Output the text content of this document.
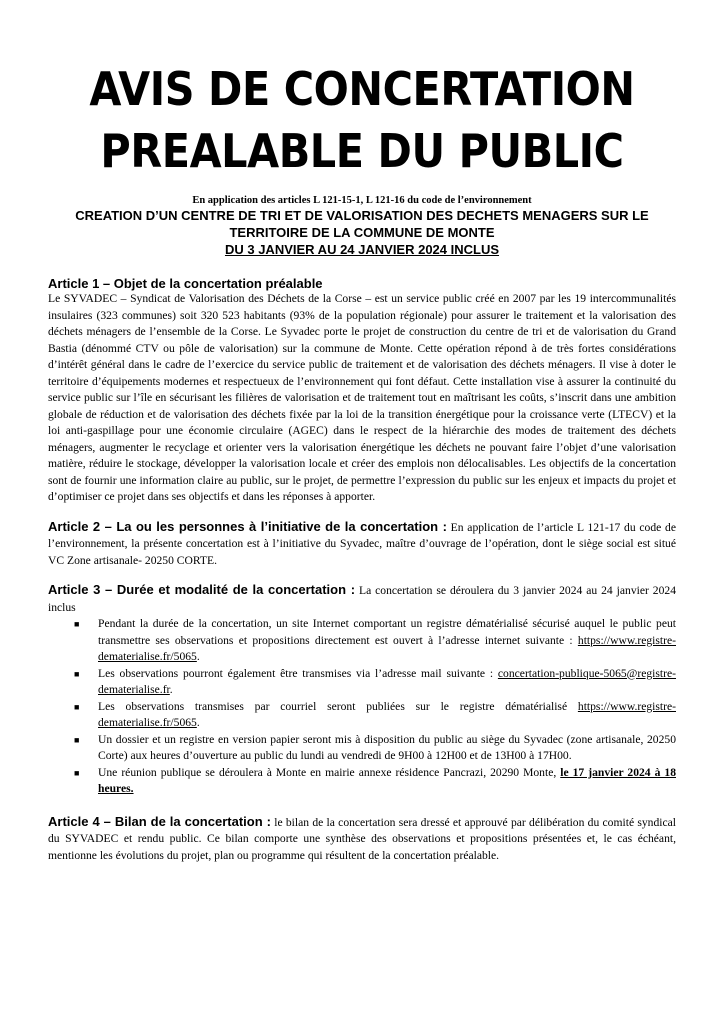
AVIS DE CONCERTATION
PREALABLE DU PUBLIC
En application des articles L 121-15-1, L 121-16 du code de l’environnement
CREATION D’UN CENTRE DE TRI ET DE VALORISATION DES DECHETS MENAGERS SUR LE
TERRITOIRE DE LA COMMUNE DE MONTE
DU 3 JANVIER AU 24 JANVIER 2024 INCLUS
Article 1 – Objet de la concertation préalable

Le SYVADEC – Syndicat de Valorisation des Déchets de la Corse – est un service public créé en 2007 par les 19 intercommunalités insulaires (323 communes) soit 320 523 habitants (93% de la population régionale) pour assurer le traitement et la valorisation des déchets ménagers de l’ensemble de la Corse. Le Syvadec porte le projet de construction du centre de tri et de valorisation du Grand Bastia (dénommé CTV ou pôle de valorisation) sur la commune de Monte. Cette opération répond à de très fortes considérations d’intérêt général dans le cadre de l’exercice du service public de traitement et de valorisation des déchets ménagers. Il vise à doter le territoire d’équipements modernes et respectueux de l’environnement qui font défaut. Cette installation vise à assurer la continuité du service public sur l’île en sécurisant les filières de valorisation et de traitement tout en maîtrisant les coûts, s’inscrit dans une ambition globale de réduction et de valorisation des déchets fixée par la loi de la transition énergétique pour la croissance verte (LTECV) et la loi anti-gaspillage pour une économie circulaire (AGEC) dans le respect de la hiérarchie des modes de traitement des déchets ménagers, augmenter le recyclage et orienter vers la valorisation énergétique les déchets ne pouvant faire l’objet d’une valorisation matière, réduire le stockage, développer la valorisation locale et créer des emplois non délocalisables. Les objectifs de la concertation sont de fournir une information claire au public, sur le projet, de permettre l’expression du public sur les enjeux et impacts du projet et d’optimiser ce projet dans ses objectifs et dans les réponses à apporter.

Article 2 – La ou les personnes à l’initiative de la concertation : En application de l’article L 121-17 du code de l’environnement, la présente concertation est à l’initiative du Syvadec, maître d’ouvrage de l’opération, dont le siège social est situé VC Zone artisanale- 20250 CORTE.

Article 3 – Durée et modalité de la concertation : La concertation se déroulera du 3 janvier 2024 au 24 janvier 2024 inclus

■ Pendant la durée de la concertation, un site Internet comportant un registre dématérialisé sécurisé auquel le public peut transmettre ses observations et propositions directement est ouvert à l’adresse internet suivante : https://www.registre-dematerialise.fr/5065.
■ Les observations pourront également être transmises via l’adresse mail suivante : concertation-publique-5065@registre-dematerialise.fr.
■ Les observations transmises par courriel seront publiées sur le registre dématérialisé https://www.registre-dematerialise.fr/5065.
■ Un dossier et un registre en version papier seront mis à disposition du public au siège du Syvadec (zone artisanale, 20250 Corte) aux heures d’ouverture au public du lundi au vendredi de 9H00 à 12H00 et de 13H00 à 17H00.
■ Une réunion publique se déroulera à Monte en mairie annexe résidence Pancrazi, 20290 Monte, le 17 janvier 2024 à 18 heures.

Article 4 – Bilan de la concertation : le bilan de la concertation sera dressé et approuvé par délibération du comité syndical du SYVADEC et rendu public. Ce bilan comporte une synthèse des observations et propositions présentées et, le cas échéant, mentionne les évolutions du projet, plan ou programme qui résultent de la concertation préalable.
